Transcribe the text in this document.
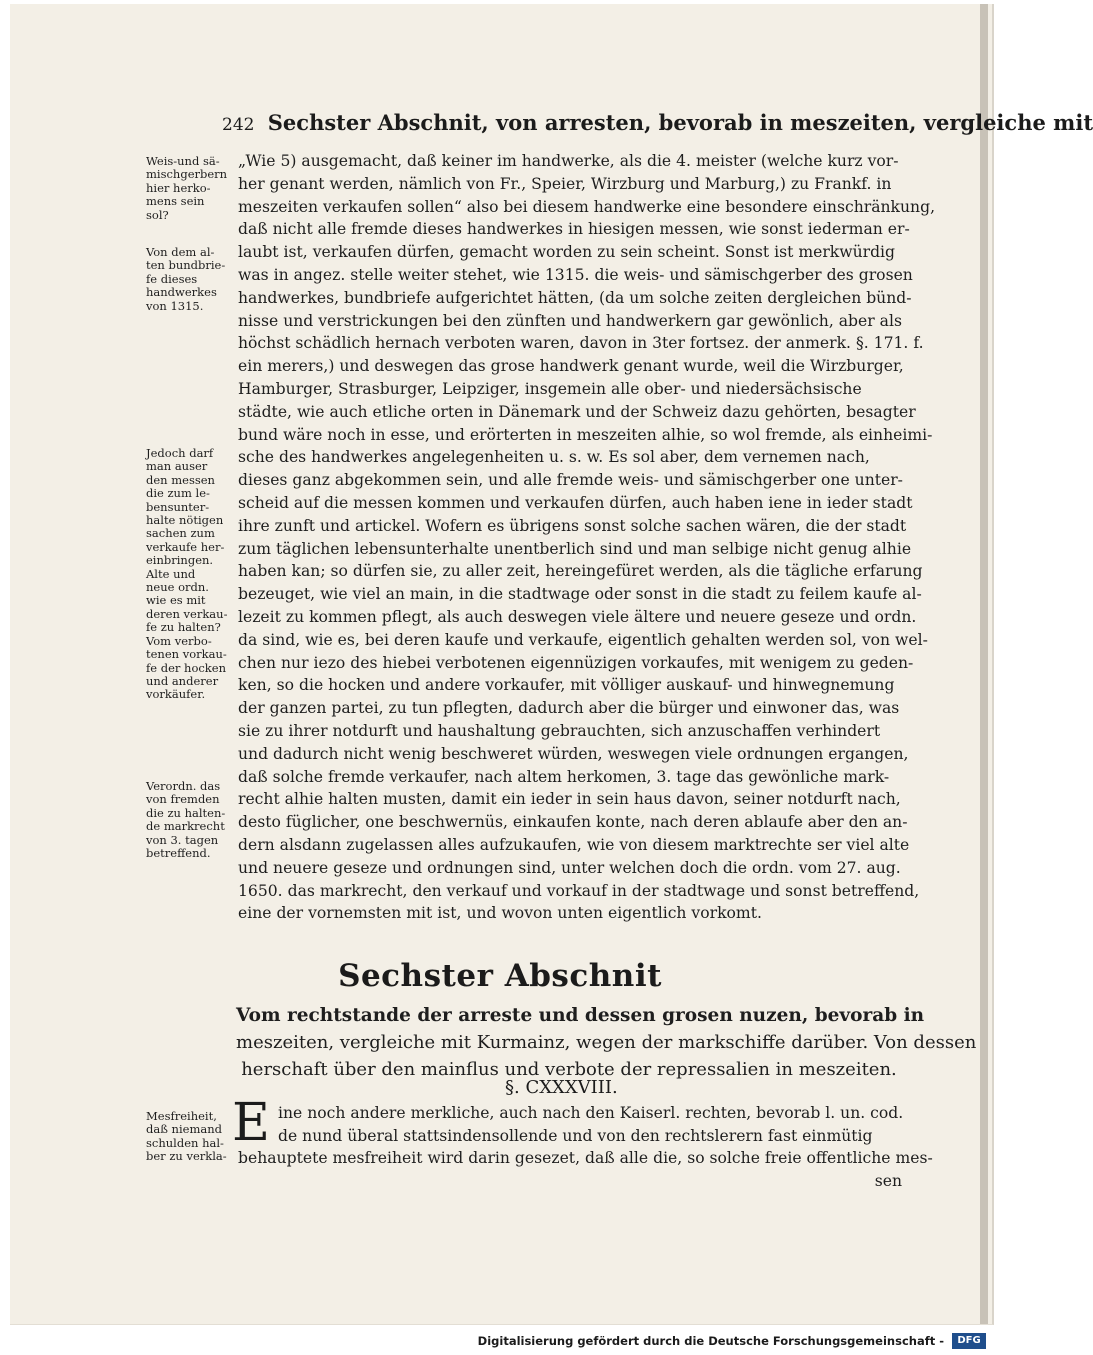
242 Sechster Abschnit, von arresten, bevorab in meszeiten, vergleiche mit
„Wie 5) ausgemacht, daß keiner im handwerke, als die 4. meister (welche kurz vor-
her genant werden, nämlich von Fr., Speier, Wirzburg und Marburg,) zu Frankf. in
meszeiten verkaufen sollen“ also bei diesem handwerke eine besondere einschränkung,
daß nicht alle fremde dieses handwerkes in hiesigen messen, wie sonst iederman er-
laubt ist, verkaufen dürfen, gemacht worden zu sein scheint. Sonst ist merkwürdig
was in angez. stelle weiter stehet, wie 1315. die weis- und sämischgerber des grosen
handwerkes, bundbriefe aufgerichtet hätten, (da um solche zeiten dergleichen bünd-
nisse und verstrickungen bei den zünften und handwerkern gar gewönlich, aber als
höchst schädlich hernach verboten waren, davon in 3ter fortsez. der anmerk. §. 171. f.
ein merers,) und deswegen das grose handwerk genant wurde, weil die Wirzburger,
Hamburger, Strasburger, Leipziger, insgemein alle ober- und niedersächsische
städte, wie auch etliche orten in Dänemark und der Schweiz dazu gehörten, besagter
bund wäre noch in esse, und erörterten in meszeiten alhie, so wol fremde, als einheimi-
sche des handwerkes angelegenheiten u. s. w. Es sol aber, dem vernemen nach,
dieses ganz abgekommen sein, und alle fremde weis- und sämischgerber one unter-
scheid auf die messen kommen und verkaufen dürfen, auch haben iene in ieder stadt
ihre zunft und artickel. Wofern es übrigens sonst solche sachen wären, die der stadt
zum täglichen lebensunterhalte unentberlich sind und man selbige nicht genug alhie
haben kan; so dürfen sie, zu aller zeit, hereingefüret werden, als die tägliche erfarung
bezeuget, wie viel an main, in die stadtwage oder sonst in die stadt zu feilem kaufe al-
lezeit zu kommen pflegt, als auch deswegen viele ältere und neuere geseze und ordn.
da sind, wie es, bei deren kaufe und verkaufe, eigentlich gehalten werden sol, von wel-
chen nur iezo des hiebei verbotenen eigennüzigen vorkaufes, mit wenigem zu geden-
ken, so die hocken und andere vorkaufer, mit völliger auskauf- und hinwegnemung
der ganzen partei, zu tun pflegten, dadurch aber die bürger und einwoner das, was
sie zu ihrer notdurft und haushaltung gebrauchten, sich anzuschaffen verhindert
und dadurch nicht wenig beschweret würden, weswegen viele ordnungen ergangen,
daß solche fremde verkaufer, nach altem herkomen, 3. tage das gewönliche mark-
recht alhie halten musten, damit ein ieder in sein haus davon, seiner notdurft nach,
desto füglicher, one beschwernüs, einkaufen konte, nach deren ablaufe aber den an-
dern alsdann zugelassen alles aufzukaufen, wie von diesem marktrechte ser viel alte
und neuere geseze und ordnungen sind, unter welchen doch die ordn. vom 27. aug.
1650. das markrecht, den verkauf und vorkauf in der stadtwage und sonst betreffend,
eine der vornemsten mit ist, und wovon unten eigentlich vorkomt.
Weis-und sä-
mischgerbern
hier herko-
mens sein
sol?
Von dem al-
ten bundbrie-
fe dieses
handwerkes
von 1315.
Jedoch darf
man auser
den messen
die zum le-
bensunter-
halte nötigen
sachen zum
verkaufe her-
einbringen.
Alte und
neue ordn.
wie es mit
deren verkau-
fe zu halten?
Vom verbo-
tenen vorkau-
fe der hocken
und anderer
vorkäufer.
Verordn. das
von fremden
die zu halten-
de markrecht
von 3. tagen
betreffend.
Mesfreiheit,
daß niemand
schulden hal-
ber zu verkla-
Sechster Abschnit
Vom rechtstande der arreste und dessen grosen nuzen, bevorab in
meszeiten, vergleiche mit Kurmainz, wegen der markschiffe darüber. Von dessen
herschaft über den mainflus und verbote der repressalien in meszeiten.
§. CXXXVIII.
E ine noch andere merkliche, auch nach den Kaiserl. rechten, bevorab l. un. cod.
de nund überal stattsindensollende und von den rechtslerern fast einmütig
behauptete mesfreiheit wird darin gesezet, daß alle die, so solche freie offentliche mes-
sen
Digitalisierung gefördert durch die Deutsche Forschungsgemeinschaft -	DFG
